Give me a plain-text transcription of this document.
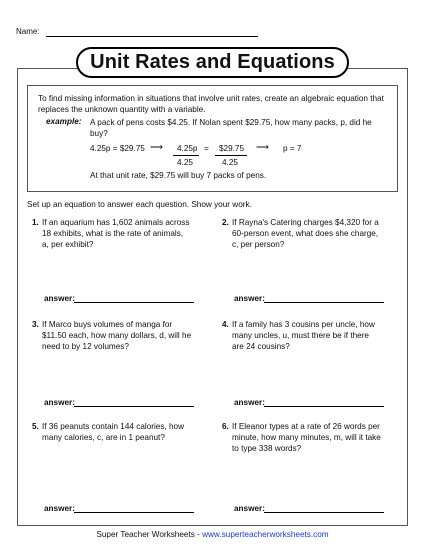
Name:
Unit Rates and Equations
To find missing information in situations that involve unit rates, create an algebraic equation that replaces the unknown quantity with a variable.
example: A pack of pens costs $4.25. If Nolan spent $29.75, how many packs, p, did he buy?
4.25p = $29.75 ⟶ 4.25p = $29.75
4.25	4.25
⟶ p = 7
At that unit rate, $29.75 will buy 7 packs of pens.
Set up an equation to answer each question. Show your work.
1. If an aquarium has 1,602 animals across 18 exhibits, what is the rate of animals, a, per exhibit?
2. If Rayna's Catering charges $4,320 for a 60-person event, what does she charge, c, per person?
3. If Marco buys volumes of manga for $11.50 each, how many dollars, d, will he need to by 12 volumes?
4. If a family has 3 cousins per uncle, how many uncles, u, must there be if there are 24 cousins?
5. If 36 peanuts contain 144 calories, how many calories, c, are in 1 peanut?
6. If Eleanor types at a rate of 26 words per minute, how many minutes, m, will it take to type 338 words?
answer:	answer:
answer:	answer:
answer:	answer:
Super Teacher Worksheets - www.superteacherworksheets.com
